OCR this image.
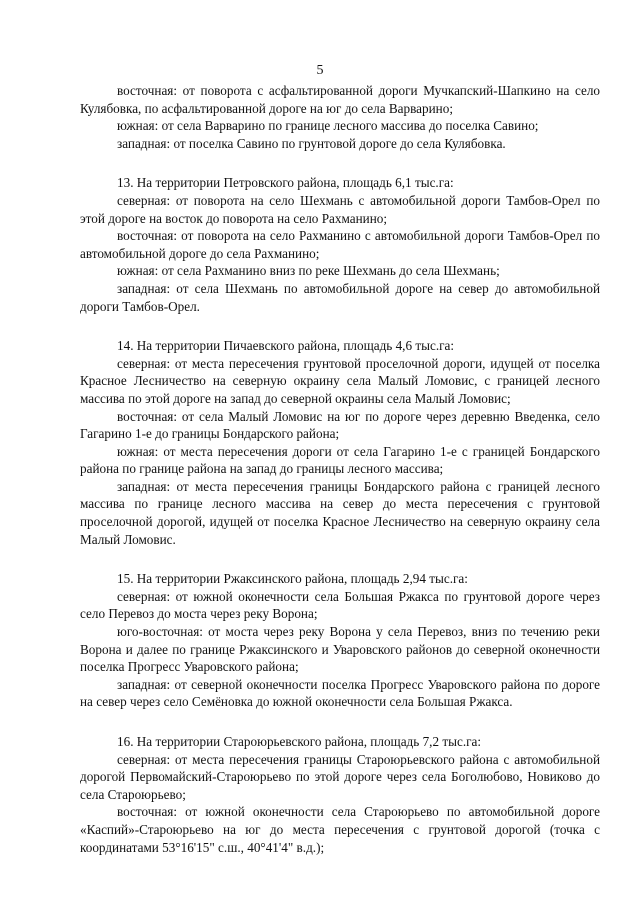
5

восточная: от поворота с асфальтированной дороги Мучкапский-Шапкино на село Кулябовка, по асфальтированной дороге на юг до села Варварино;

южная: от села Варварино по границе лесного массива до поселка Савино;

западная: от поселка Савино по грунтовой дороге до села Кулябовка.

13. На территории Петровского района, площадь 6,1 тыс.га:

северная: от поворота на село Шехмань с автомобильной дороги Тамбов-Орел по этой дороге на восток до поворота на село Рахманино;

восточная: от поворота на село Рахманино с автомобильной дороги Тамбов-Орел по автомобильной дороге до села Рахманино;

южная: от села Рахманино вниз по реке Шехмань до села Шехмань;

западная: от села Шехмань по автомобильной дороге на север до автомобильной дороги Тамбов-Орел.

14. На территории Пичаевского района, площадь 4,6 тыс.га:

северная: от места пересечения грунтовой проселочной дороги, идущей от поселка Красное Лесничество на северную окраину села Малый Ломовис, с границей лесного массива по этой дороге на запад до северной окраины села Малый Ломовис;

восточная: от села Малый Ломовис на юг по дороге через деревню Введенка, село Гагарино 1-е до границы Бондарского района;

южная: от места пересечения дороги от села Гагарино 1-е с границей Бондарского района по границе района на запад до границы лесного массива;

западная: от места пересечения границы Бондарского района с границей лесного массива по границе лесного массива на север до места пересечения с грунтовой проселочной дорогой, идущей от поселка Красное Лесничество на северную окраину села Малый Ломовис.

15. На территории Ржаксинского района, площадь 2,94 тыс.га:

северная: от южной оконечности села Большая Ржакса по грунтовой дороге через село Перевоз до моста через реку Ворона;

юго-восточная: от моста через реку Ворона у села Перевоз, вниз по течению реки Ворона и далее по границе Ржаксинского и Уваровского районов до северной оконечности поселка Прогресс Уваровского района;

западная: от северной оконечности поселка Прогресс Уваровского района по дороге на север через село Семёновка до южной оконечности села Большая Ржакса.

16. На территории Староюрьевского района, площадь 7,2 тыс.га:

северная: от места пересечения границы Староюрьевского района с автомобильной дорогой Первомайский-Староюрьево по этой дороге через села Боголюбово, Новиково до села Староюрьево;

восточная: от южной оконечности села Староюрьево по автомобильной дороге «Каспий»-Староюрьево на юг до места пересечения с грунтовой дорогой (точка с координатами 53°16'15" с.ш., 40°41'4" в.д.);
